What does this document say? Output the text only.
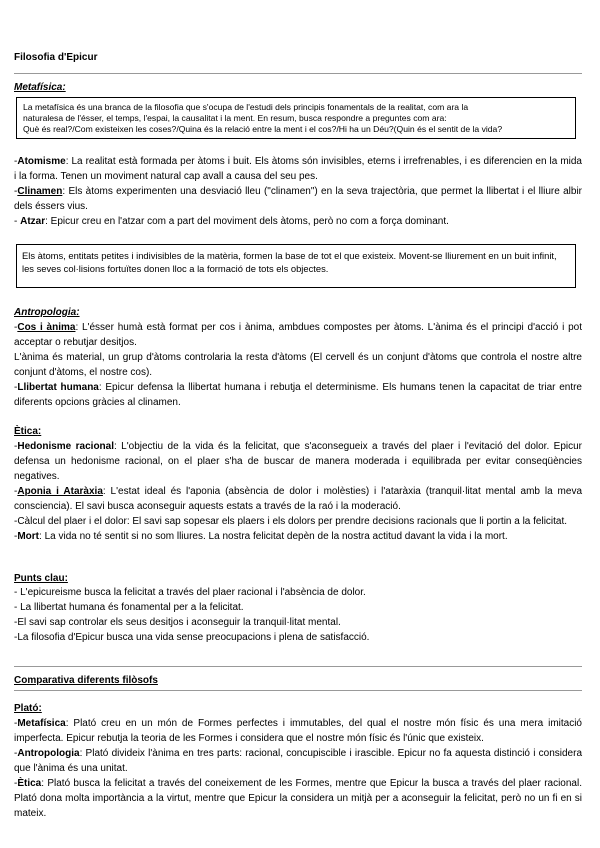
Filosofia d'Epicur
Metafísica:
La metafísica és una branca de la filosofia que s'ocupa de l'estudi dels principis fonamentals de la realitat, com ara la
naturalesa de l'ésser, el temps, l'espai, la causalitat i la ment. En resum, busca respondre a preguntes com ara:
Què és real?/Com existeixen les coses?/Quina és la relació entre la ment i el cos?/Hi ha un Déu?(Quin és el sentit de la vida?

-Atomisme: La realitat està formada per àtoms i buit. Els àtoms són invisibles, eterns i irrefrenables, i es diferencien en la mida i la forma. Tenen un moviment natural cap avall a causa del seu pes.

-Clinamen: Els àtoms experimenten una desviació lleu ("clinamen") en la seva trajectòria, que permet la llibertat i el lliure albir dels éssers vius.

- Atzar: Epicur creu en l'atzar com a part del moviment dels àtoms, però no com a força dominant.

Els àtoms, entitats petites i indivisibles de la matèria, formen la base de tot el que existeix. Movent-se lliurement en un buit infinit, les seves col·lisions fortuïtes donen lloc a la formació de tots els objectes.
Antropologia:

-Cos i ànima: L'ésser humà està format per cos i ànima, ambdues compostes per àtoms. L'ànima és el principi d'acció i pot acceptar o rebutjar desitjos.

L'ànima és material, un grup d'àtoms controlaria la resta d'àtoms (El cervell és un conjunt d'àtoms que controla el nostre altre conjunt d'àtoms, el nostre cos).

-Llibertat humana: Epicur defensa la llibertat humana i rebutja el determinisme. Els humans tenen la capacitat de triar entre diferents opcions gràcies al clinamen.

Ètica:

-Hedonisme racional: L'objectiu de la vida és la felicitat, que s'aconsegueix a través del plaer i l'evitació del dolor. Epicur defensa un hedonisme racional, on el plaer s'ha de buscar de manera moderada i equilibrada per evitar conseqüències negatives.

-Aponia i Ataràxia: L'estat ideal és l'aponia (absència de dolor i molèsties) i l'ataràxia (tranquil·litat mental amb la meva consciencia). El savi busca aconseguir aquests estats a través de la raó i la moderació.

-Càlcul del plaer i el dolor: El savi sap sopesar els plaers i els dolors per prendre decisions racionals que li portin a la felicitat.

-Mort: La vida no té sentit si no som lliures. La nostra felicitat depèn de la nostra actitud davant la vida i la mort.

Punts clau:

- L'epicureisme busca la felicitat a través del plaer racional i l'absència de dolor.

- La llibertat humana és fonamental per a la felicitat.

-El savi sap controlar els seus desitjos i aconseguir la tranquil·litat mental.

-La filosofia d'Epicur busca una vida sense preocupacions i plena de satisfacció.

Comparativa diferents filòsofs
Plató:

-Metafísica: Plató creu en un món de Formes perfectes i immutables, del qual el nostre món físic és una mera imitació imperfecta. Epicur rebutja la teoria de les Formes i considera que el nostre món físic és l'únic que existeix.

-Antropologia: Plató divideix l'ànima en tres parts: racional, concupiscible i irascible. Epicur no fa aquesta distinció i considera que l'ànima és una unitat.

-Ètica: Plató busca la felicitat a través del coneixement de les Formes, mentre que Epicur la busca a través del plaer racional. Plató dona molta importància a la virtut, mentre que Epicur la considera un mitjà per a aconseguir la felicitat, però no un fi en si mateix.
